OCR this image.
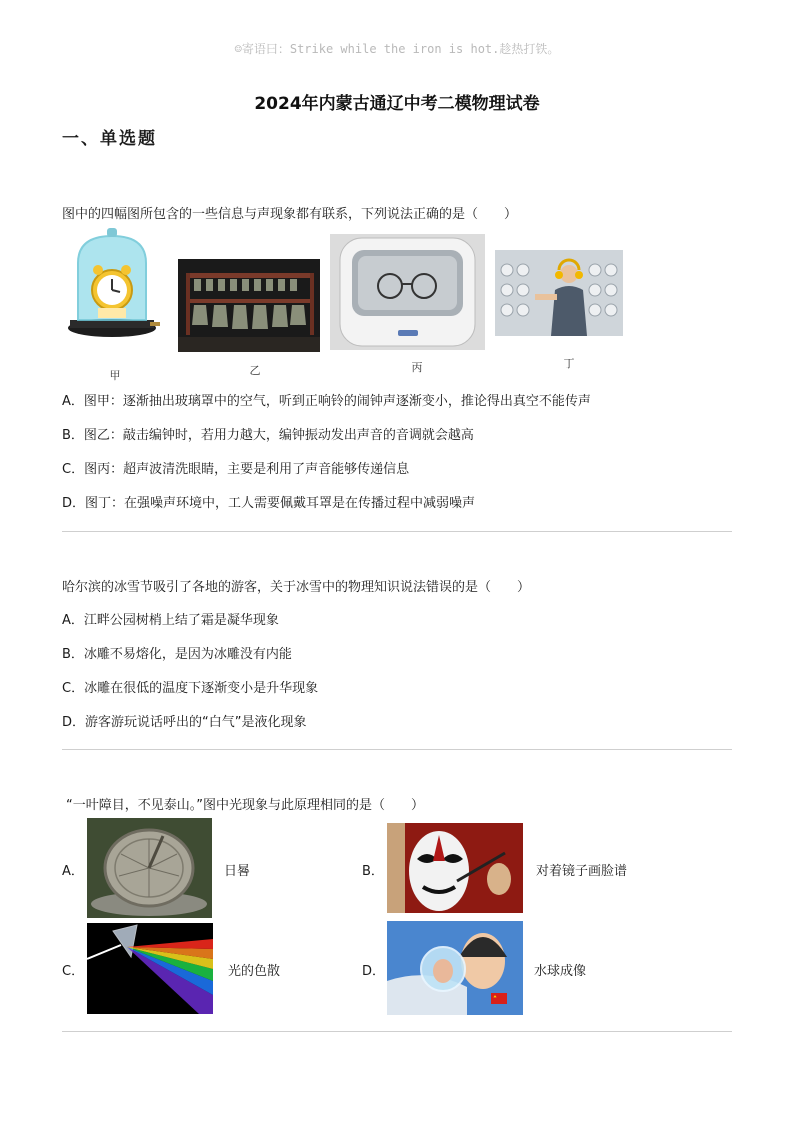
☺寄语曰：Strike while the iron is hot.趁热打铁。
2024年内蒙古通辽中考二模物理试卷
一、单选题
图中的四幅图所包含的一些信息与声现象都有联系，下列说法正确的是（　　）
甲	乙	丙	丁
A．图甲：逐渐抽出玻璃罩中的空气，听到正响铃的闹钟声逐渐变小，推论得出真空不能传声
B．图乙：敲击编钟时，若用力越大，编钟振动发出声音的音调就会越高
C．图丙：超声波清洗眼睛，主要是利用了声音能够传递信息
D．图丁：在强噪声环境中，工人需要佩戴耳罩是在传播过程中减弱噪声
哈尔滨的冰雪节吸引了各地的游客，关于冰雪中的物理知识说法错误的是（　　）
A．江畔公园树梢上结了霜是凝华现象
B．冰雕不易熔化，是因为冰雕没有内能
C．冰雕在很低的温度下逐渐变小是升华现象
D．游客游玩说话呼出的“白气”是液化现象
“一叶障目，不见泰山。”图中光现象与此原理相同的是（　　）
A．	日晷	B．	对着镜子画脸谱
C．	光的色散	D．	水球成像
